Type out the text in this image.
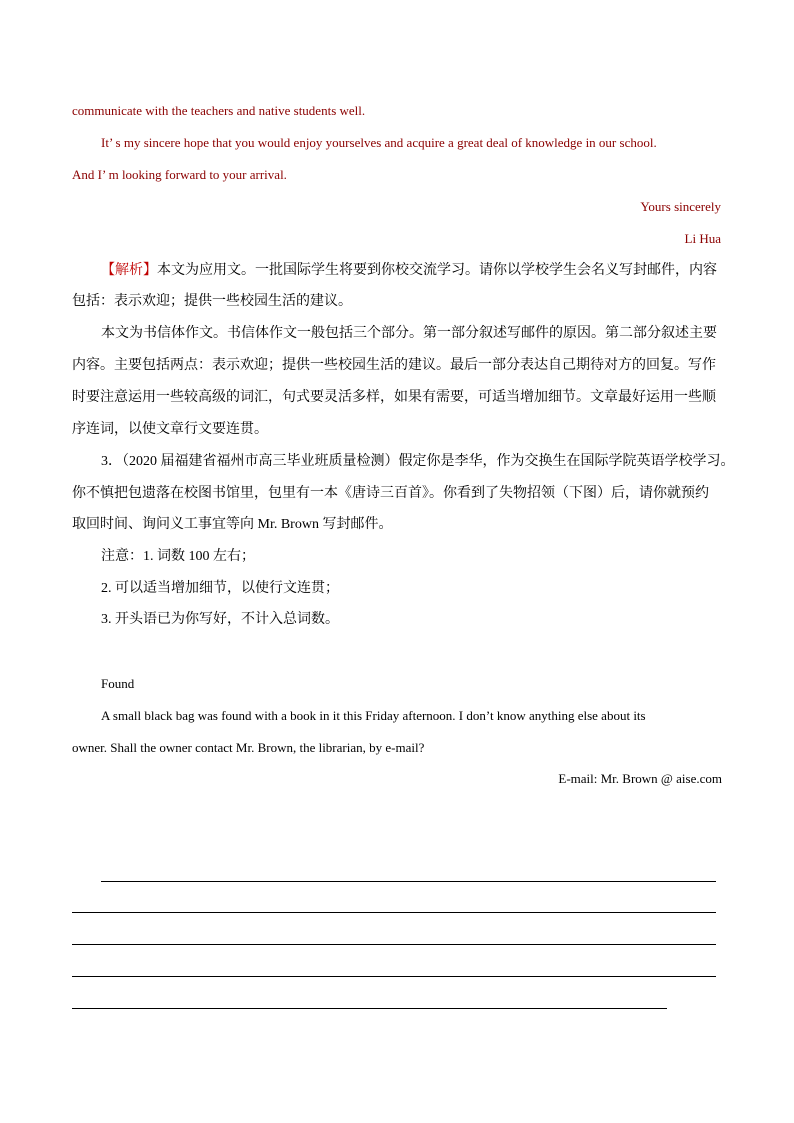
communicate with the teachers and native students well.
It’ s my sincere hope that you would enjoy yourselves and acquire a great deal of knowledge in our school.
And I’ m looking forward to your arrival.
Yours sincerely
Li Hua
【解析】本文为应用文。一批国际学生将要到你校交流学习。请你以学校学生会名义写封邮件，内容
包括：表示欢迎；提供一些校园生活的建议。
本文为书信体作文。书信体作文一般包括三个部分。第一部分叙述写邮件的原因。第二部分叙述主要
内容。主要包括两点：表示欢迎；提供一些校园生活的建议。最后一部分表达自己期待对方的回复。写作
时要注意运用一些较高级的词汇，句式要灵活多样，如果有需要，可适当增加细节。文章最好运用一些顺
序连词，以使文章行文要连贯。
3．（2020 届福建省福州市高三毕业班质量检测）假定你是李华，作为交换生在国际学院英语学校学习。
你不慎把包遗落在校图书馆里，包里有一本《唐诗三百首》。你看到了失物招领（下图）后，请你就预约
取回时间、询问义工事宜等向 Mr. Brown 写封邮件。
注意：1. 词数 100 左右；
2. 可以适当增加细节，以使行文连贯；
3. 开头语已为你写好，不计入总词数。
Found
A small black bag was found with a book in it this Friday afternoon. I don’t know anything else about its
owner. Shall the owner contact Mr. Brown, the librarian, by e-mail?
E-mail: Mr. Brown @ aise.com
